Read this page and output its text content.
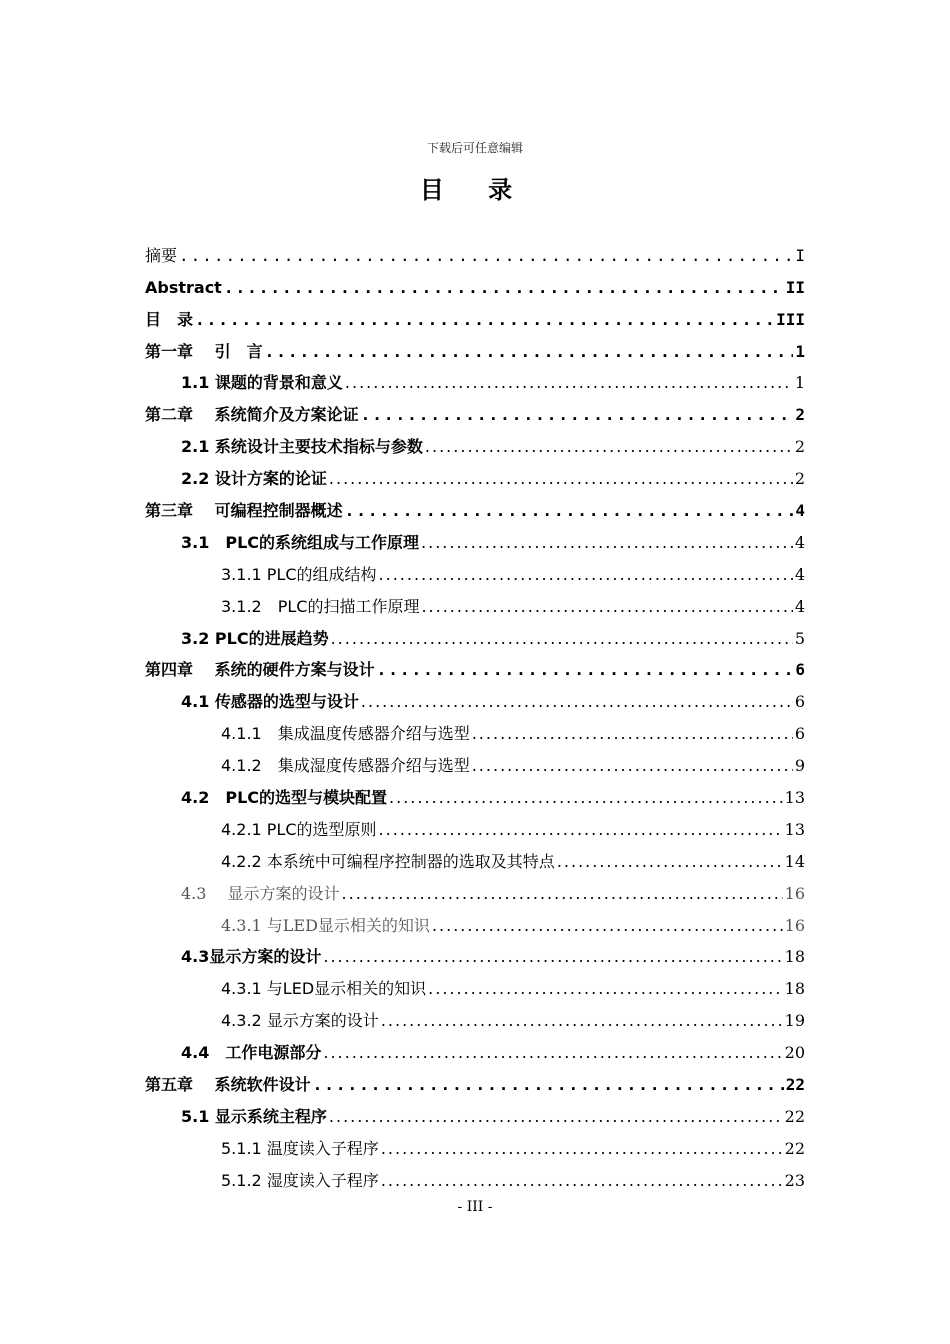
下载后可任意编辑
目 录
摘要 .....	I
Abstract .....	II
目　录 .....	III
第一章　 引　言 .....	1
1.1 课题的背景和意义 .....	1
第二章　 系统简介及方案论证 .....	2
2.1 系统设计主要技术指标与参数 .....	2
2.2 设计方案的论证 .....	2
第三章　 可编程控制器概述 .....	4
3.1　PLC的系统组成与工作原理 .....	4
3.1.1 PLC的组成结构 .....	4
3.1.2　PLC的扫描工作原理 .....	4
3.2 PLC的进展趋势 .....	5
第四章　 系统的硬件方案与设计 .....	6
4.1 传感器的选型与设计 .....	6
4.1.1　集成温度传感器介绍与选型 .....	6
4.1.2　集成湿度传感器介绍与选型 .....	9
4.2　PLC的选型与模块配置 .....	13
4.2.1 PLC的选型原则 .....	13
4.2.2 本系统中可编程序控制器的选取及其特点 .....	14
4.3　 显示方案的设计 .....	16
4.3.1 与LED显示相关的知识 .....	16
4.3显示方案的设计 .....	18
4.3.1 与LED显示相关的知识 .....	18
4.3.2 显示方案的设计 .....	19
4.4　工作电源部分 .....	20
第五章　 系统软件设计 .....	22
5.1 显示系统主程序 .....	22
5.1.1 温度读入子程序 .....	22
5.1.2 湿度读入子程序 .....	23
- III -
